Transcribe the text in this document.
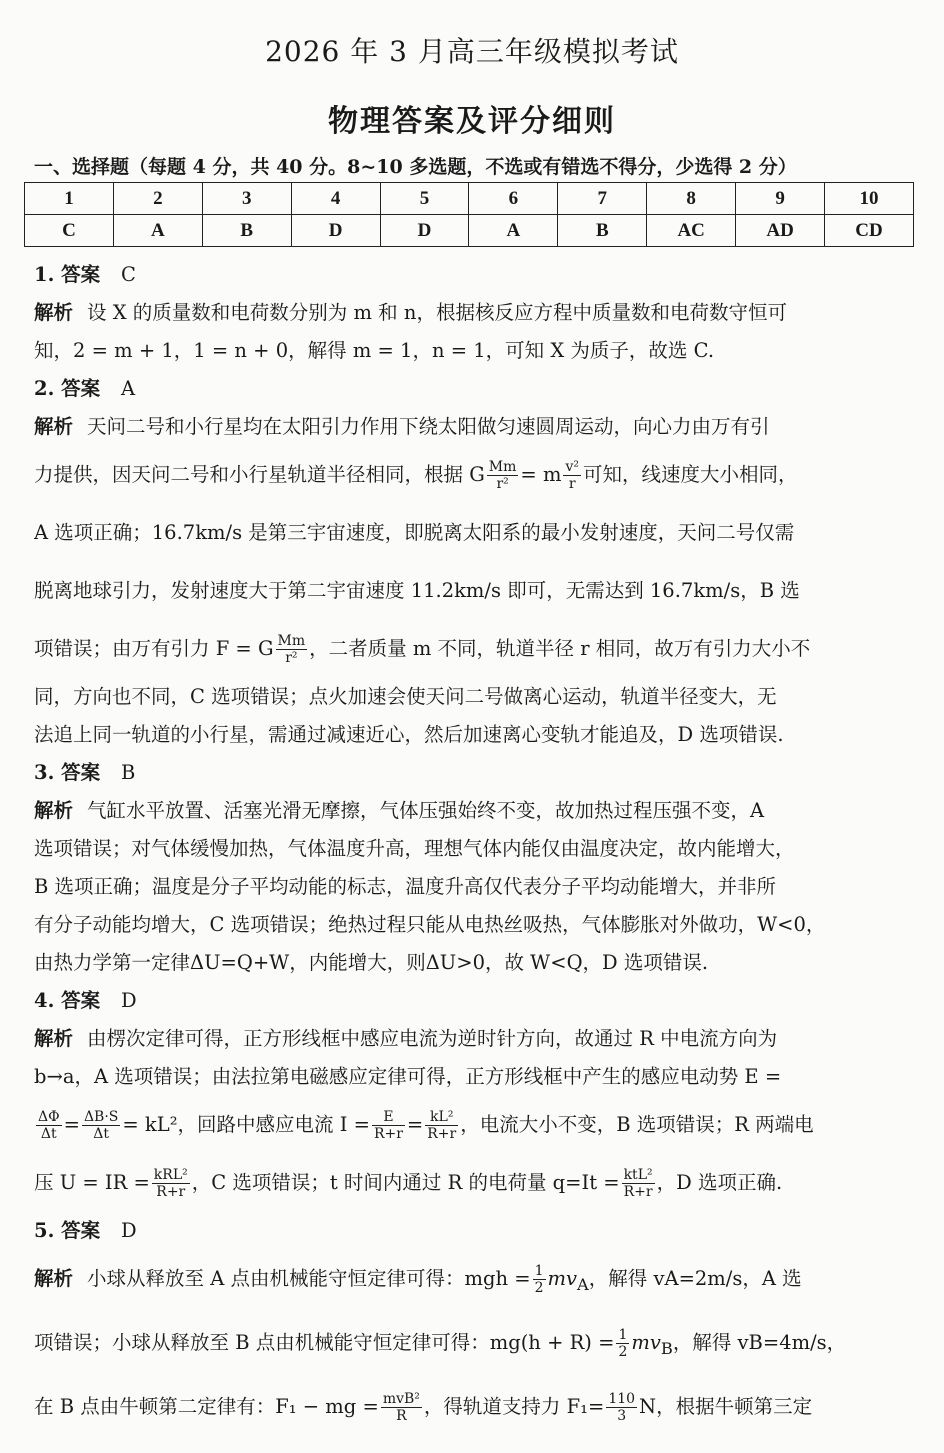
2026 年 3 月高三年级模拟考试
物理答案及评分细则
一、选择题（每题 4 分，共 40 分。8~10 多选题，不选或有错选不得分，少选得 2 分）
1	2	3	4	5	6	7	8	9	10
C	A	B	D	D	A	B	AC	AD	CD
1. 答案 C
解析 设 X 的质量数和电荷数分别为 m 和 n，根据核反应方程中质量数和电荷数守恒可
知，2 = m + 1，1 = n + 0，解得 m = 1，n = 1，可知 X 为质子，故选 C.
2. 答案 A
解析 天问二号和小行星均在太阳引力作用下绕太阳做匀速圆周运动，向心力由万有引
力提供，因天问二号和小行星轨道半径相同，根据 G $\frac{Mm}{\text{r²}} = m \frac{\text{v²}}{r}$ 可知，线速度大小相同，
A 选项正确；16.7km/s 是第三宇宙速度，即脱离太阳系的最小发射速度，天问二号仅需
脱离地球引力，发射速度大于第二宇宙速度 11.2km/s 即可，无需达到 16.7km/s，B 选
项错误；由万有引力 F = G $\frac{Mm}{\text{r²}}$ ，二者质量 m 不同，轨道半径 r 相同，故万有引力大小不
同，方向也不同，C 选项错误；点火加速会使天问二号做离心运动，轨道半径变大，无
法追上同一轨道的小行星，需通过减速近心，然后加速离心变轨才能追及，D 选项错误.
3. 答案 B
解析 气缸水平放置、活塞光滑无摩擦，气体压强始终不变，故加热过程压强不变，A
选项错误；对气体缓慢加热，气体温度升高，理想气体内能仅由温度决定，故内能增大，
B 选项正确；温度是分子平均动能的标志，温度升高仅代表分子平均动能增大，并非所
有分子动能均增大，C 选项错误；绝热过程只能从电热丝吸热，气体膨胀对外做功，W<0，
由热力学第一定律ΔU=Q+W，内能增大，则ΔU>0，故 W<Q，D 选项错误.
4. 答案 D
解析 由楞次定律可得，正方形线框中感应电流为逆时针方向，故通过 R 中电流方向为
b→a，A 选项错误；由法拉第电磁感应定律可得，正方形线框中产生的感应电动势 E =
$\frac{\Delta\Phi}{\Delta t} = \frac{\Delta B\cdot S}{\Delta t} = kL^2$，回路中感应电流 $I = \frac{E}{R+r} = \frac{\text{kL²}}{R+r}$ ，电流大小不变，B 选项错误；R 两端电
压 U = IR = $\frac{\text{kRL²}}{R+r}$ ，C 选项错误；t 时间内通过 R 的电荷量 $q=It = \frac{\text{ktL²}}{R+r}$ ，D 选项正确.
5. 答案 D
解析 小球从释放至 A 点由机械能守恒定律可得：mgh = $\frac{1}{2} mv_A$，解得 vA=2m/s，A 选
项错误；小球从释放至 B 点由机械能守恒定律可得：$mg(h + R) = \frac{1}{2} mv_B$，解得 vB=4m/s，
在 B 点由牛顿第二定律有：F₁ − mg = $\frac{\text{mvB²}}{R}$ ，得轨道支持力 $F_1= \frac{110}{3}$ N，根据牛顿第三定
